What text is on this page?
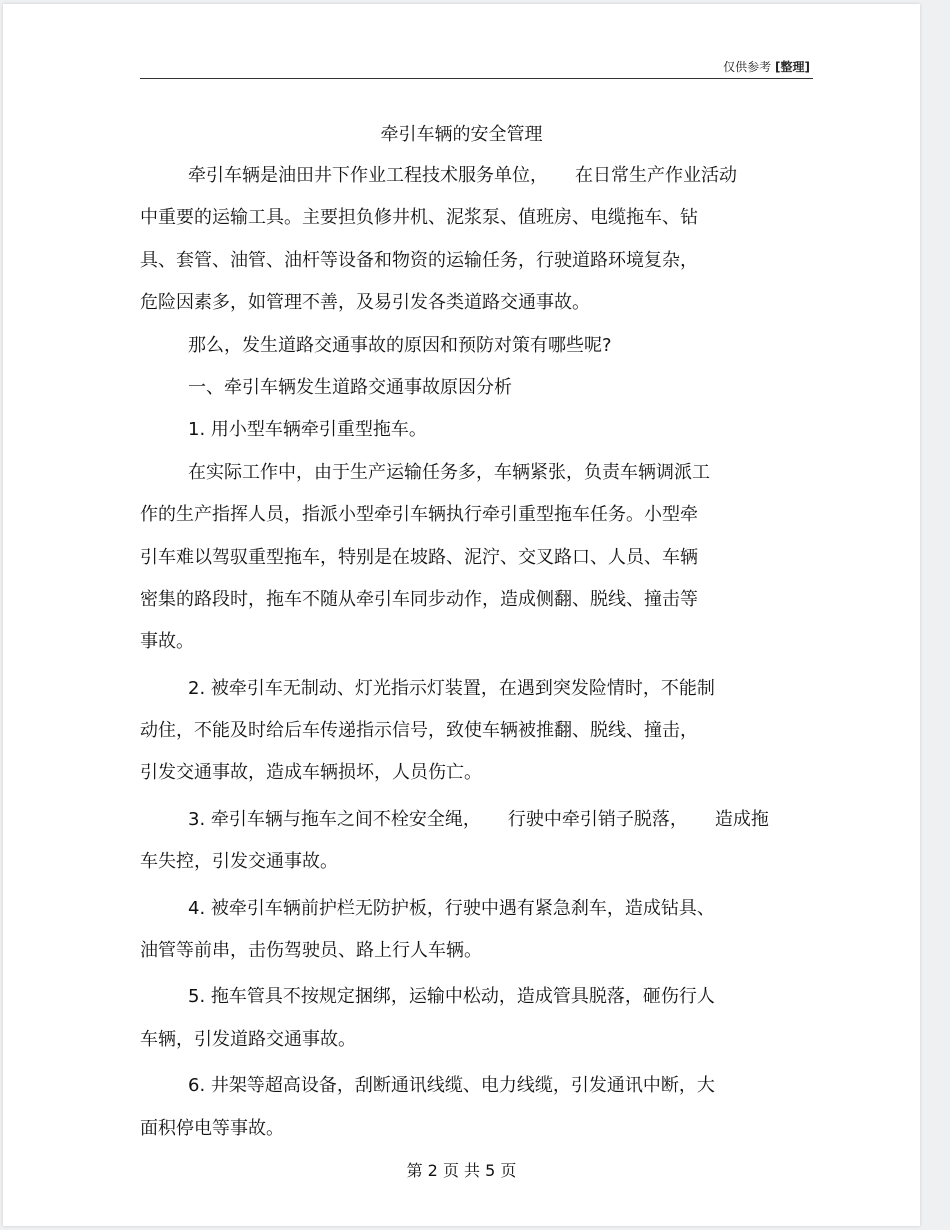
仅供参考 [整理]
牵引车辆的安全管理
牵引车辆是油田井下作业工程技术服务单位，　　在日常生产作业活动
中重要的运输工具。主要担负修井机、泥浆泵、值班房、电缆拖车、钻
具、套管、油管、油杆等设备和物资的运输任务，行驶道路环境复杂，
危险因素多，如管理不善，及易引发各类道路交通事故。
那么，发生道路交通事故的原因和预防对策有哪些呢?
一、牵引车辆发生道路交通事故原因分析
1. 用小型车辆牵引重型拖车。
在实际工作中，由于生产运输任务多，车辆紧张，负责车辆调派工
作的生产指挥人员，指派小型牵引车辆执行牵引重型拖车任务。小型牵
引车难以驾驭重型拖车，特别是在坡路、泥泞、交叉路口、人员、车辆
密集的路段时，拖车不随从牵引车同步动作，造成侧翻、脱线、撞击等
事故。
2. 被牵引车无制动、灯光指示灯装置，在遇到突发险情时，不能制
动住，不能及时给后车传递指示信号，致使车辆被推翻、脱线、撞击，
引发交通事故，造成车辆损坏，人员伤亡。
3. 牵引车辆与拖车之间不栓安全绳，　　行驶中牵引销子脱落，　　造成拖
车失控，引发交通事故。
4. 被牵引车辆前护栏无防护板，行驶中遇有紧急刹车，造成钻具、
油管等前串，击伤驾驶员、路上行人车辆。
5. 拖车管具不按规定捆绑，运输中松动，造成管具脱落，砸伤行人
车辆，引发道路交通事故。
6. 井架等超高设备，刮断通讯线缆、电力线缆，引发通讯中断，大
面积停电等事故。
第 2 页 共 5 页
